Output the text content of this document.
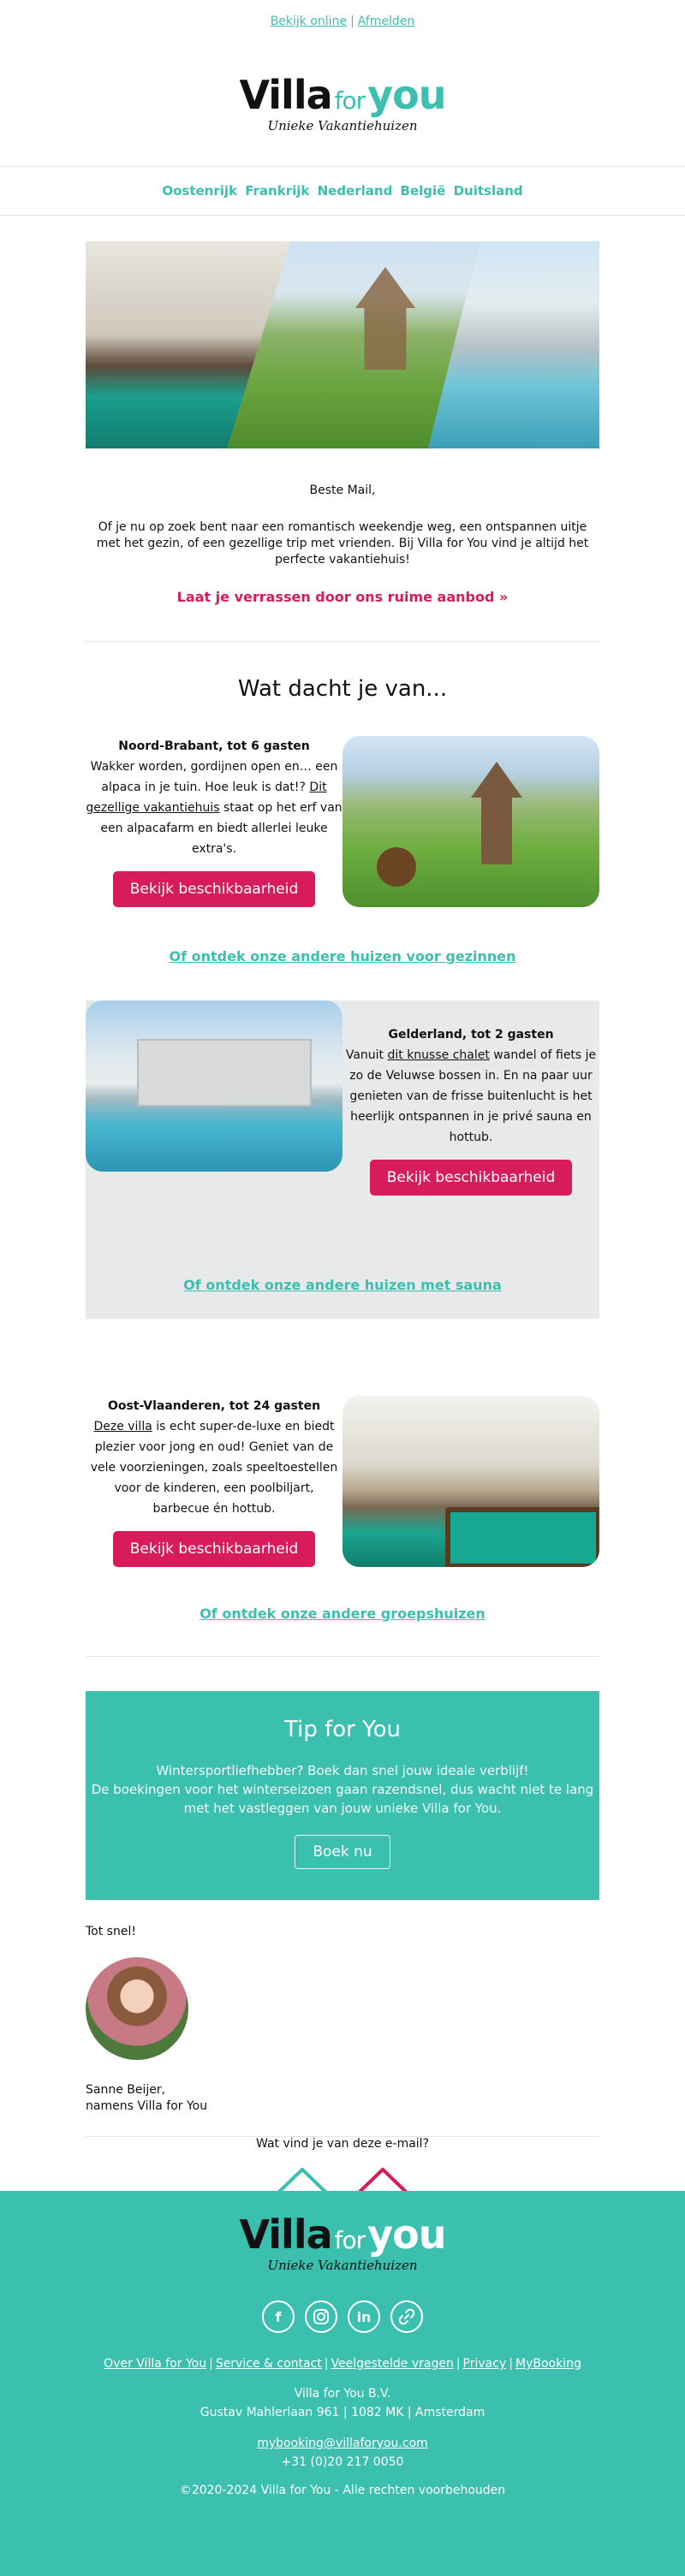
Bekijk online | Afmelden
Villa foryou
Unieke Vakantiehuizen
Oostenrijk Frankrijk Nederland België Duitsland
Beste Mail,
Of je nu op zoek bent naar een romantisch weekendje weg, een ontspannen uitje met het gezin, of een gezellige trip met vrienden. Bij Villa for You vind je altijd het perfecte vakantiehuis!
Laat je verrassen door ons ruime aanbod »
Wat dacht je van...
Noord-Brabant, tot 6 gasten
Wakker worden, gordijnen open en… een alpaca in je tuin. Hoe leuk is dat!? Dit gezellige vakantiehuis staat op het erf van een alpacafarm en biedt allerlei leuke extra's.
Bekijk beschikbaarheid
Of ontdek onze andere huizen voor gezinnen
Gelderland, tot 2 gasten
Vanuit dit knusse chalet wandel of fiets je zo de Veluwse bossen in. En na paar uur genieten van de frisse buitenlucht is het heerlijk ontspannen in je privé sauna en hottub.
Bekijk beschikbaarheid
Of ontdek onze andere huizen met sauna
Oost-Vlaanderen, tot 24 gasten
Deze villa is echt super-de-luxe en biedt plezier voor jong en oud! Geniet van de vele voorzieningen, zoals speeltoestellen voor de kinderen, een poolbiljart, barbecue én hottub.
Bekijk beschikbaarheid
Of ontdek onze andere groepshuizen
Tip for You
Wintersportliefhebber? Boek dan snel jouw ideale verblijf!
De boekingen voor het winterseizoen gaan razendsnel, dus wacht niet te lang met het vastleggen van jouw unieke Villa for You.
Boek nu
Tot snel!
Sanne Beijer,
namens Villa for You
Wat vind je van deze e-mail?
Villa foryou
Unieke Vakantiehuizen
f	in
Over Villa for You | Service & contact | Veelgestelde vragen | Privacy | MyBooking
Villa for You B.V.
Gustav Mahlerlaan 961 | 1082 MK | Amsterdam
mybooking@villaforyou.com
+31 (0)20 217 0050
©2020-2024 Villa for You - Alle rechten voorbehouden
